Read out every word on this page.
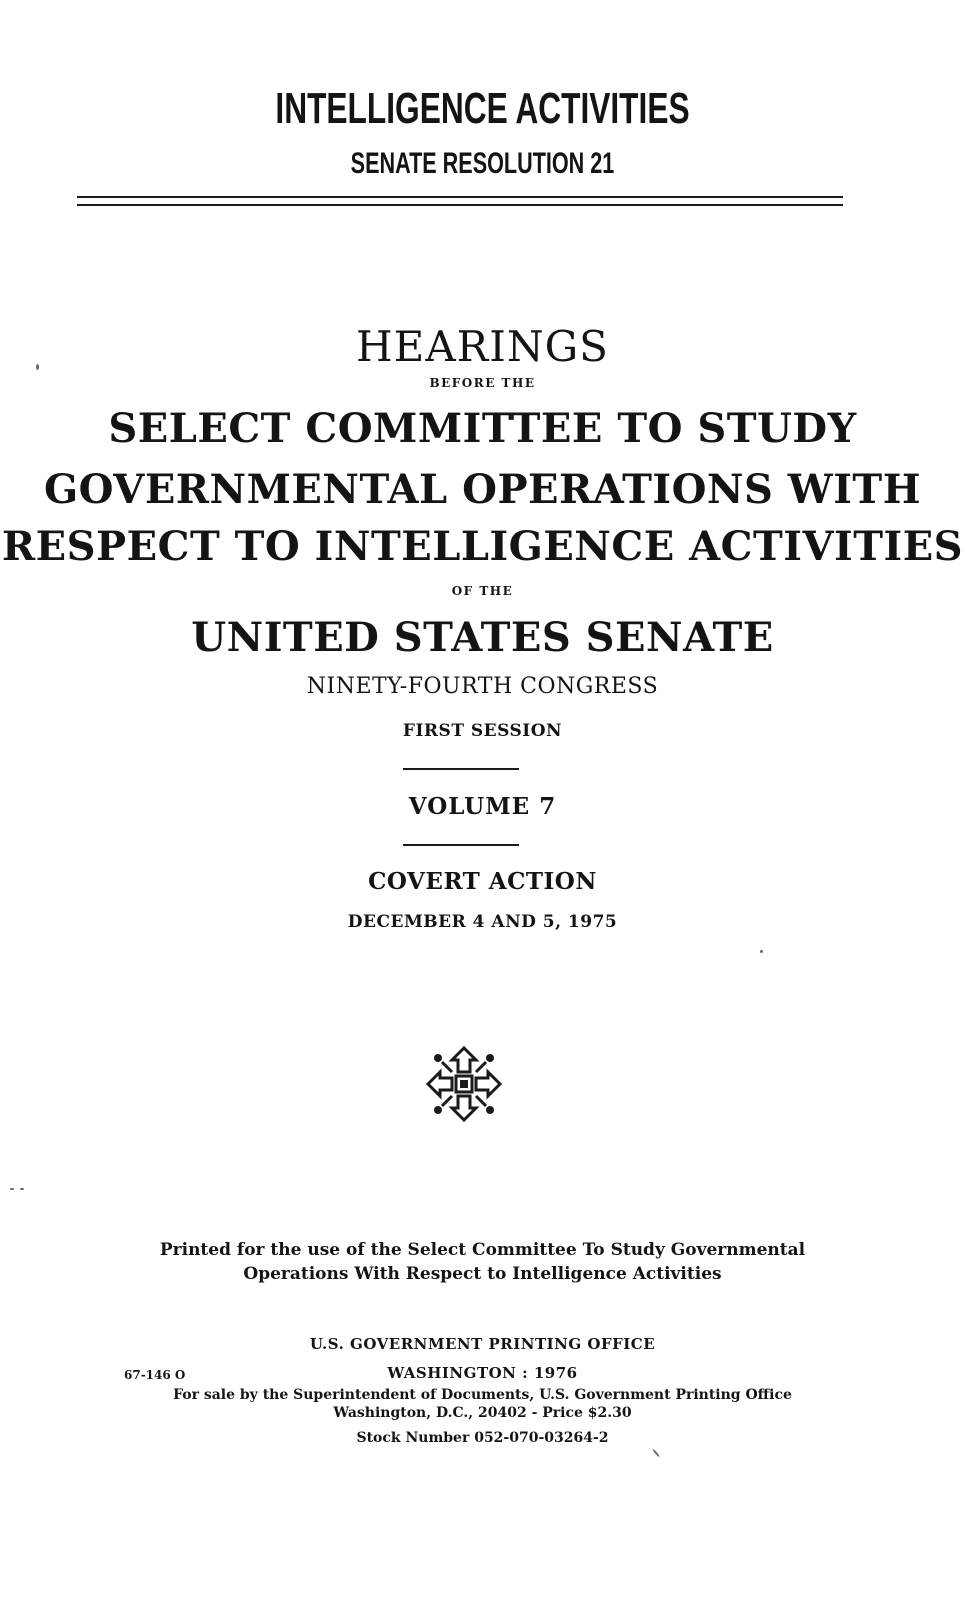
INTELLIGENCE ACTIVITIES
SENATE RESOLUTION 21
HEARINGS
BEFORE THE
SELECT COMMITTEE TO STUDY
GOVERNMENTAL OPERATIONS WITH
RESPECT TO INTELLIGENCE ACTIVITIES
OF THE
UNITED STATES SENATE
NINETY-FOURTH CONGRESS
FIRST SESSION
VOLUME 7
COVERT ACTION
DECEMBER 4 AND 5, 1975
Printed for the use of the Select Committee To Study Governmental
Operations With Respect to Intelligence Activities
U.S. GOVERNMENT PRINTING OFFICE
67-146 O	WASHINGTON : 1976
For sale by the Superintendent of Documents, U.S. Government Printing Office
Washington, D.C., 20402 - Price $2.30
Stock Number 052-070-03264-2
